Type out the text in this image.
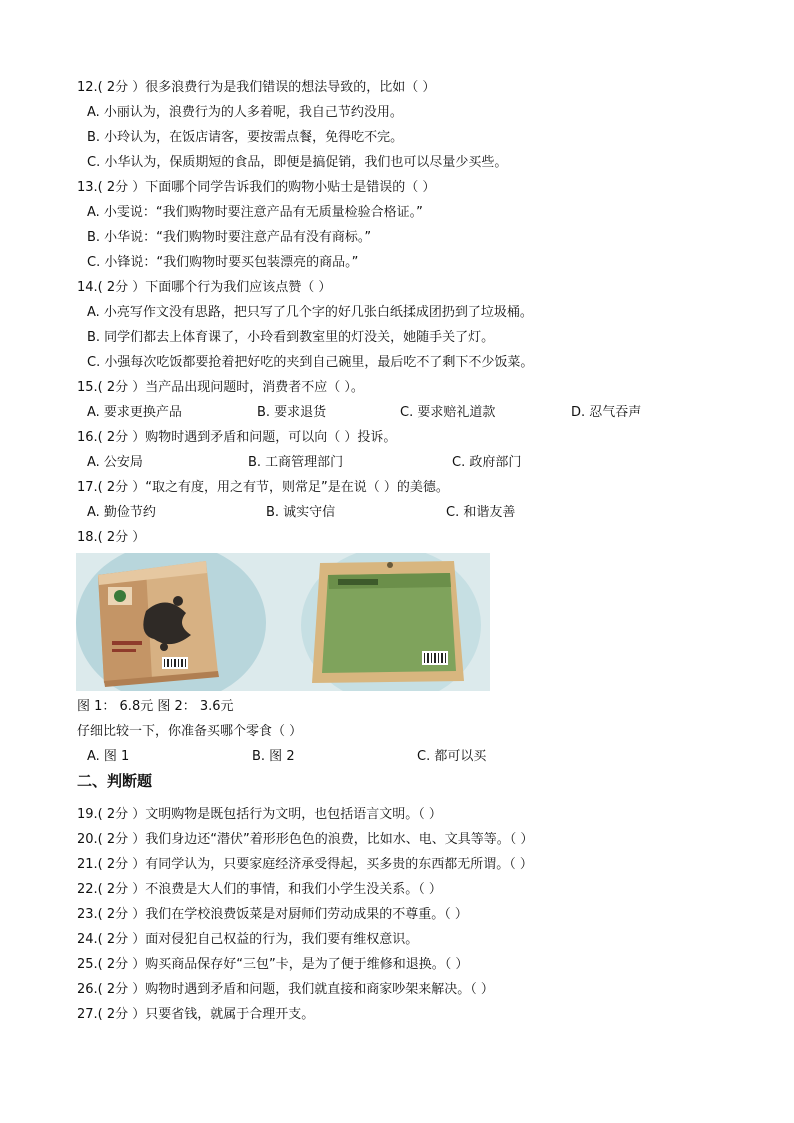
12.( 2分 ）很多浪费行为是我们错误的想法导致的，比如（ ）
A. 小丽认为，浪费行为的人多着呢，我自己节约没用。
B. 小玲认为，在饭店请客，要按需点餐，免得吃不完。
C. 小华认为，保质期短的食品，即便是搞促销，我们也可以尽量少买些。
13.( 2分 ）下面哪个同学告诉我们的购物小贴士是错误的（ ）
A. 小雯说：“我们购物时要注意产品有无质量检验合格证。”
B. 小华说：“我们购物时要注意产品有没有商标。”
C. 小锋说：“我们购物时要买包装漂亮的商品。”
14.( 2分 ）下面哪个行为我们应该点赞（ ）
A. 小亮写作文没有思路，把只写了几个字的好几张白纸揉成团扔到了垃圾桶。
B. 同学们都去上体育课了，小玲看到教室里的灯没关，她随手关了灯。
C. 小强每次吃饭都要抢着把好吃的夹到自己碗里，最后吃不了剩下不少饭菜。
15.( 2分 ）当产品出现问题时，消费者不应（ ）。
A. 要求更换产品	B. 要求退货	C. 要求赔礼道款	D. 忍气吞声
16.( 2分 ）购物时遇到矛盾和问题，可以向（ ）投诉。
A. 公安局	B. 工商管理部门	C. 政府部门
17.( 2分 ）“取之有度，用之有节，则常足”是在说（ ）的美德。
A. 勤俭节约	B. 诚实守信	C. 和谐友善
18.( 2分 ）
图 1： 6.8元 图 2： 3.6元
仔细比较一下，你准备买哪个零食（ ）
A. 图 1	B. 图 2	C. 都可以买
二、判断题
19.( 2分 ）文明购物是既包括行为文明，也包括语言文明。（ ）
20.( 2分 ）我们身边还“潜伏”着形形色色的浪费，比如水、电、文具等等。（ ）
21.( 2分 ）有同学认为，只要家庭经济承受得起，买多贵的东西都无所谓。（ ）
22.( 2分 ）不浪费是大人们的事情，和我们小学生没关系。（ ）
23.( 2分 ）我们在学校浪费饭菜是对厨师们劳动成果的不尊重。（ ）
24.( 2分 ）面对侵犯自己权益的行为，我们要有维权意识。
25.( 2分 ）购买商品保存好“三包”卡，是为了便于维修和退换。（ ）
26.( 2分 ）购物时遇到矛盾和问题，我们就直接和商家吵架来解决。（ ）
27.( 2分 ）只要省钱，就属于合理开支。
